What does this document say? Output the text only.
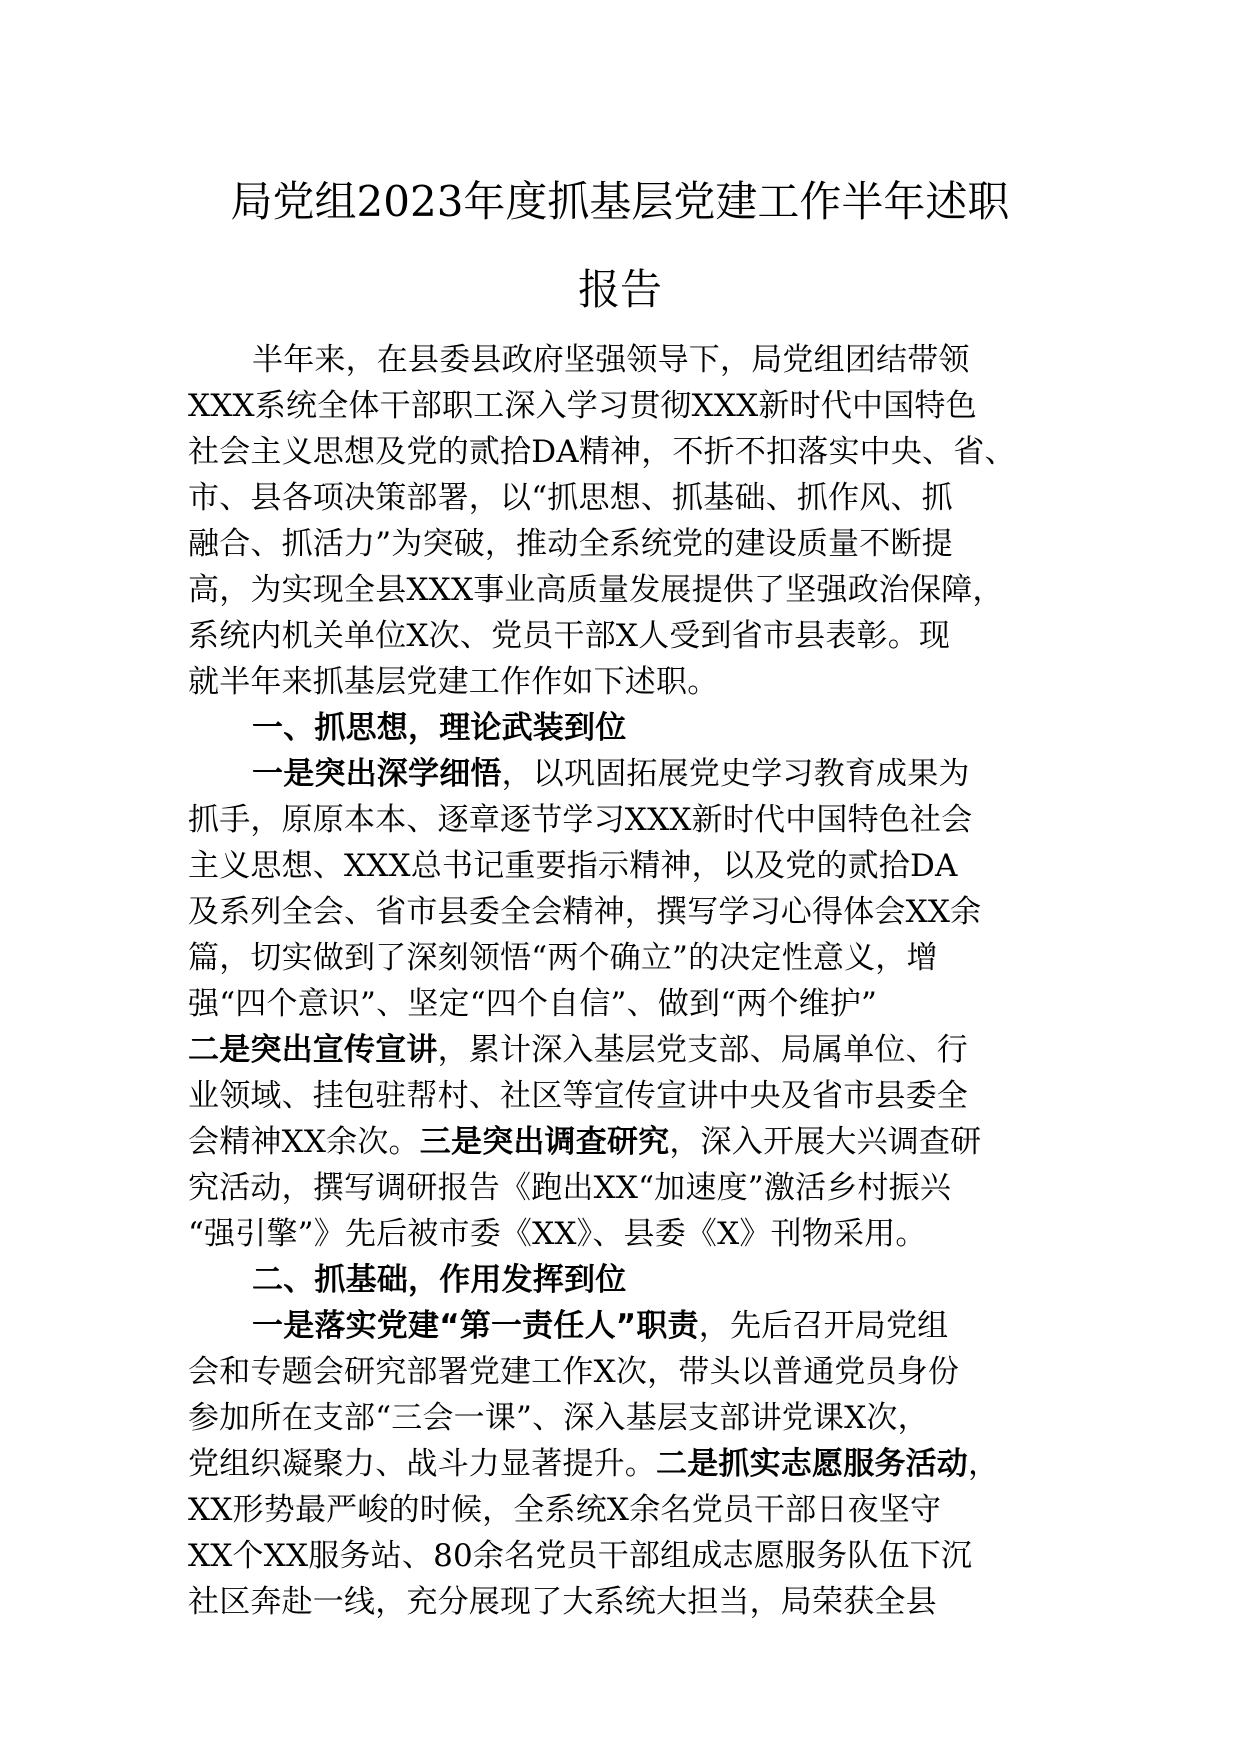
局党组2023年度抓基层党建工作半年述职
报告
半年来，在县委县政府坚强领导下，局党组团结带领
XXX系统全体干部职工深入学习贯彻XXX新时代中国特色
社会主义思想及党的贰拾DA精神，不折不扣落实中央、省、
市、县各项决策部署，以“抓思想、抓基础、抓作风、抓
融合、抓活力”为突破，推动全系统党的建设质量不断提
高，为实现全县XXX事业高质量发展提供了坚强政治保障，
系统内机关单位X次、党员干部X人受到省市县表彰。现
就半年来抓基层党建工作作如下述职。
一、抓思想，理论武装到位
一是突出深学细悟，以巩固拓展党史学习教育成果为
抓手，原原本本、逐章逐节学习XXX新时代中国特色社会
主义思想、XXX总书记重要指示精神，以及党的贰拾DA
及系列全会、省市县委全会精神，撰写学习心得体会XX余
篇，切实做到了深刻领悟“两个确立”的决定性意义，增
强“四个意识”、坚定“四个自信”、做到“两个维护”
二是突出宣传宣讲，累计深入基层党支部、局属单位、行
业领域、挂包驻帮村、社区等宣传宣讲中央及省市县委全
会精神XX余次。三是突出调查研究，深入开展大兴调查研
究活动，撰写调研报告《跑出XX“加速度”激活乡村振兴
“强引擎”》先后被市委《XX》、县委《X》刊物采用。
二、抓基础，作用发挥到位
一是落实党建“第一责任人”职责，先后召开局党组
会和专题会研究部署党建工作X次，带头以普通党员身份
参加所在支部“三会一课”、深入基层支部讲党课X次，
党组织凝聚力、战斗力显著提升。二是抓实志愿服务活动，
XX形势最严峻的时候，全系统X余名党员干部日夜坚守
XX个XX服务站、80余名党员干部组成志愿服务队伍下沉
社区奔赴一线，充分展现了大系统大担当，局荣获全县
